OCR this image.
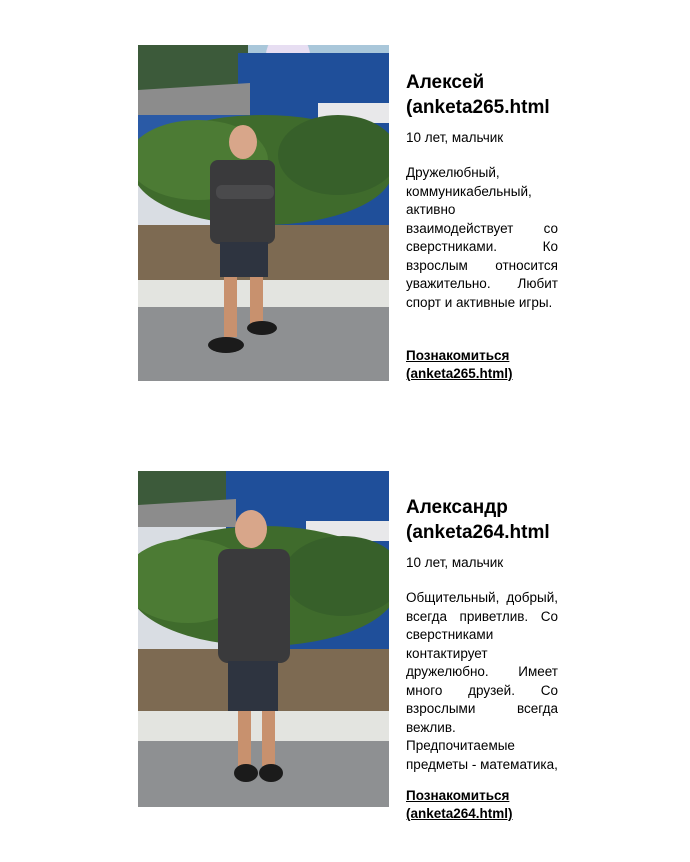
Алексей

(anketa265.html

10 лет, мальчик
Дружелюбный, коммуникабельный, активно взаимодействует со сверстниками. Ко взрослым относится уважительно. Любит спорт и активные игры.
Познакомиться
(anketa265.html)

Александр

(anketa264.html

10 лет, мальчик
Общительный, добрый, всегда приветлив. Со сверстниками контактирует дружелюбно. Имеет много друзей. Со взрослыми всегда вежлив. Предпочитаемые предметы - математика,
Познакомиться
(anketa264.html)
